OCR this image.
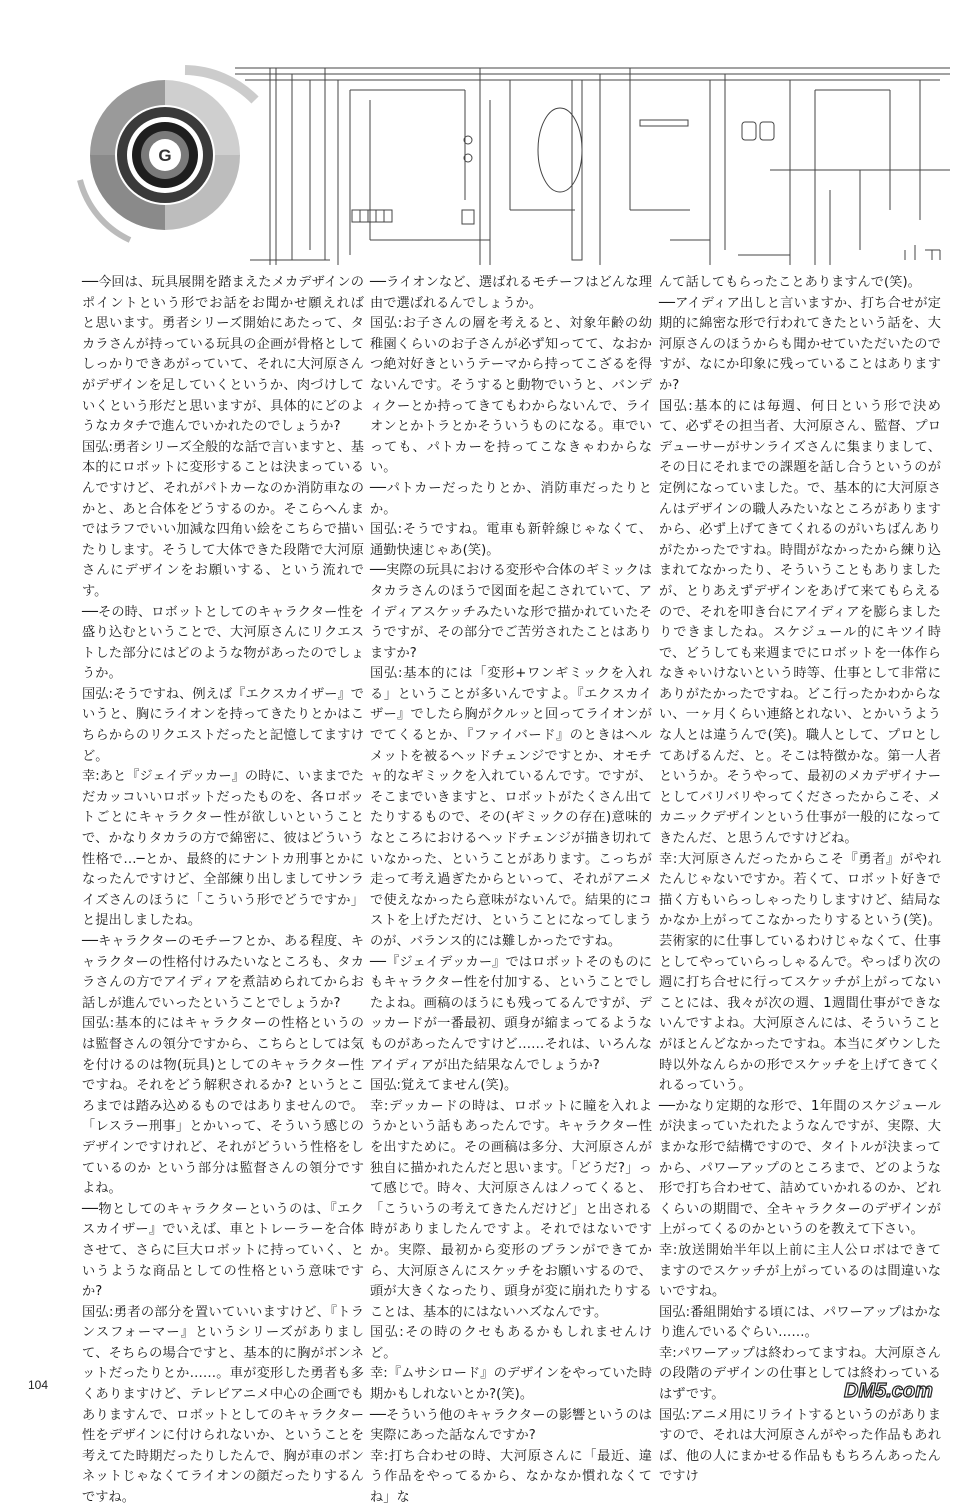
G

──今回は、玩具展開を踏まえたメカデザインのポイントという形でお話をお聞かせ願えれば と思います。勇者シリーズ開始にあたって、タカラさんが持っている玩具の企画が骨格としてしっかりできあがっていて、それに大河原さんがデザインを足していくというか、肉づけしていくという形だと思いますが、具体的にどのようなカタチで進んでいかれたのでしょうか?

国弘:勇者シリーズ全般的な話で言いますと、基本的にロボットに変形することは決まっているんですけど、それがパトカーなのか消防車なのかと、あと合体をどうするのか。そこらへんまではラフでいい加減な四角い絵をこちらで描いたりします。そうして大体できた段階で大河原さんにデザインをお願いする、という流れです。

──その時、ロボットとしてのキャラクター性を盛り込むということで、大河原さんにリクエストした部分にはどのような物があったのでしょうか。

国弘:そうですね、例えば『エクスカイザー』でいうと、胸にライオンを持ってきたりとかはこちらからのリクエストだったと記憶してますけど。

幸:あと『ジェイデッカー』の時に、いままでただカッコいいロボットだったものを、各ロボットごとにキャラクター性が欲しいということで、かなりタカラの方で綿密に、彼はどういう性格で…─とか、最終的にナントカ刑事とかになったんですけど、全部練り出しましてサンライズさんのほうに「こういう形でどうですか」と提出しましたね。

──キャラクターのモチーフとか、ある程度、キャラクターの性格付けみたいなところも、タカラさんの方でアイディアを煮詰められてからお話しが進んでいったということでしょうか?

国弘:基本的にはキャラクターの性格というのは監督さんの領分ですから、こちらとしては気を付けるのは物(玩具)としてのキャラクター性ですね。それをどう解釈されるか? というところまでは踏み込めるものではありませんので。「レスラー刑事」とかいって、そういう感じのデザインですけれど、それがどういう性格をしているのか という部分は監督さんの領分ですよね。

──物としてのキャラクターというのは、『エクスカイザー』でいえば、車とトレーラーを合体させて、さらに巨大ロボットに持っていく、というような商品としての性格という意味ですか?

国弘:勇者の部分を置いていいますけど、『トランスフォーマー』というシリーズがありまして、そちらの場合ですと、基本的に胸がボンネットだったりとか……。車が変形した勇者も多くありますけど、テレビアニメ中心の企画でもありますんで、ロボットとしてのキャラクター性をデザインに付けられないか、ということを考えてた時期だったりしたんで、胸が車のボンネットじゃなくてライオンの顔だったりするんですね。

──ライオンなど、選ばれるモチーフはどんな理由で選ばれるんでしょうか。

国弘:お子さんの層を考えると、対象年齢の幼稚園くらいのお子さんが必ず知ってて、なおかつ絶対好きというテーマから持ってこざるを得ないんです。そうすると動物でいうと、バンディクーとか持ってきてもわからないんで、ライオンとかトラとかそういうものになる。車でいっても、パトカーを持ってこなきゃわからない。

──パトカーだったりとか、消防車だったりとか。

国弘:そうですね。電車も新幹線じゃなくて、通勤快速じゃあ(笑)。

──実際の玩具における変形や合体のギミックはタカラさんのほうで図面を起こされていて、アイディアスケッチみたいな形で描かれていたそうですが、その部分でご苦労されたことはありますか?

国弘:基本的には「変形+ワンギミックを入れる」ということが多いんですよ。『エクスカイザー』でしたら胸がクルッと回ってライオンがでてくるとか、『ファイバード』のときはヘルメットを被るヘッドチェンジですとか、オモチャ的なギミックを入れているんです。ですが、そこまでいきますと、ロボットがたくさん出てたりするもので、その(ギミックの存在)意味的なところにおけるヘッドチェンジが描き切れていなかった、ということがあります。こっちが走って考え過ぎたからといって、それがアニメで使えなかったら意味がないんで。結果的にコストを上げただけ、ということになってしまうのが、バランス的には難しかったですね。

──『ジェイデッカー』ではロボットそのものにもキャラクター性を付加する、ということでしたよね。画稿のほうにも残ってるんですが、デッカードが一番最初、頭身が縮まってるようなものがあったんですけど……それは、いろんなアイディアが出た結果なんでしょうか?

国弘:覚えてません(笑)。

幸:デッカードの時は、ロボットに瞳を入れようかという話もあったんです。キャラクター性を出すために。その画稿は多分、大河原さんが独自に描かれたんだと思います。「どうだ?」って感じで。時々、大河原さんはノってくると、「こういうの考えてきたんだけど」と出される時がありましたんですよ。それではないですか。実際、最初から変形のプランができてから、大河原さんにスケッチをお願いするので、頭が大きくなったり、頭身が変に崩れたりすることは、基本的にはないハズなんです。

国弘:その時のクセもあるかもしれませんけど。

幸:『ムサシロード』のデザインをやっていた時期かもしれないとか?(笑)。

──そういう他のキャラクターの影響というのは実際にあった話なんですか?

幸:打ち合わせの時、大河原さんに「最近、違う作品をやってるから、なかなか慣れなくてね」な

んて話してもらったことありますんで(笑)。

──アイディア出しと言いますか、打ち合せが定期的に綿密な形で行われてきたという話を、大河原さんのほうからも聞かせていただいたのですが、なにか印象に残っていることはありますか?

国弘:基本的には毎週、何日という形で決めて、必ずその担当者、大河原さん、監督、プロデューサーがサンライズさんに集まりまして、その日にそれまでの課題を話し合うというのが定例になっていました。で、基本的に大河原さんはデザインの職人みたいなところがありますから、必ず上げてきてくれるのがいちばんありがたかったですね。時間がなかったから練り込まれてなかったり、そういうこともありましたが、とりあえずデザインをあげて来てもらえるので、それを叩き台にアイディアを膨らましたりできましたね。スケジュール的にキツイ時で、どうしても来週までにロボットを一体作らなきゃいけないという時等、仕事として非常にありがたかったですね。どこ行ったかわからない、一ヶ月くらい連絡とれない、とかいうような人とは違うんで(笑)。職人として、プロとしてあげるんだ、と。そこは特徴かな。第一人者というか。そうやって、最初のメカデザイナーとしてバリバリやってくださったからこそ、メカニックデザインという仕事が一般的になってきたんだ、と思うんですけどね。

幸:大河原さんだったからこそ『勇者』がやれたんじゃないですか。若くて、ロボット好きで描く方もいらっしゃったりしますけど、結局なかなか上がってこなかったりするという(笑)。芸術家的に仕事しているわけじゃなくて、仕事としてやっていらっしゃるんで。やっぱり次の週に打ち合せに行ってスケッチが上がってないことには、我々が次の週、1週間仕事ができないんですよね。大河原さんには、そういうことがほとんどなかったですね。本当にダウンした時以外なんらかの形でスケッチを上げてきてくれるっていう。

──かなり定期的な形で、1年間のスケジュールが決まっていたれたようなんですが、実際、大まかな形で結構ですので、タイトルが決まってから、パワーアップのところまで、どのような形で打ち合わせて、詰めていかれるのか、どれくらいの期間で、全キャラクターのデザインが上がってくるのかというのを教えて下さい。

幸:放送開始半年以上前に主人公ロボはできてますのでスケッチが上がっているのは間違いないですね。

国弘:番組開始する頃には、パワーアップはかなり進んでいるぐらい……。

幸:パワーアップは終わってますね。大河原さんの段階のデザインの仕事としては終わっているはずです。

国弘:アニメ用にリライトするというのがありますので、それは大河原さんがやった作品もあれば、他の人にまかせる作品ももちろんあったんですけ

104	DM5.com
